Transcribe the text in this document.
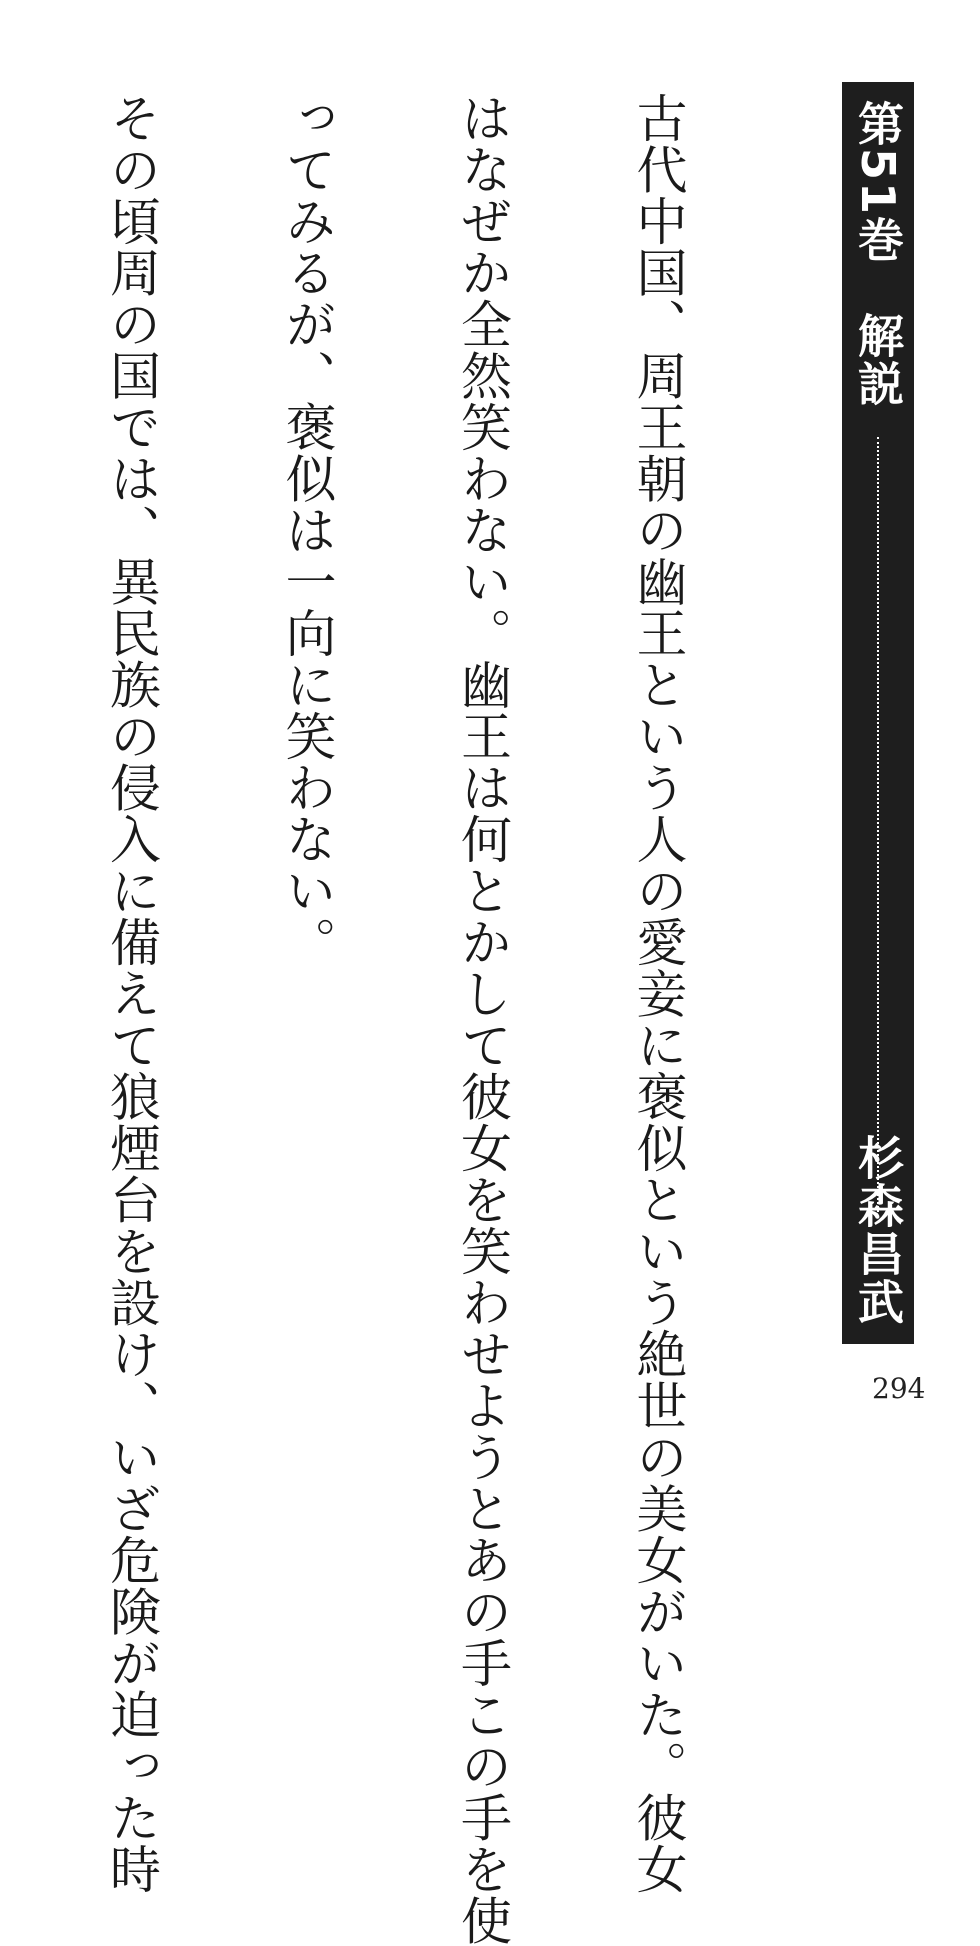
第51巻　解説
杉森昌武

古代中国、周王朝の幽王という人の愛妾に褒似という絶世の美女がいた。彼女

はなぜか全然笑わない。幽王は何とかして彼女を笑わせようとあの手この手を使

ってみるが、褒似は一向に笑わない。

その頃周の国では、異民族の侵入に備えて狼煙台を設け、いざ危険が迫った時

	294
